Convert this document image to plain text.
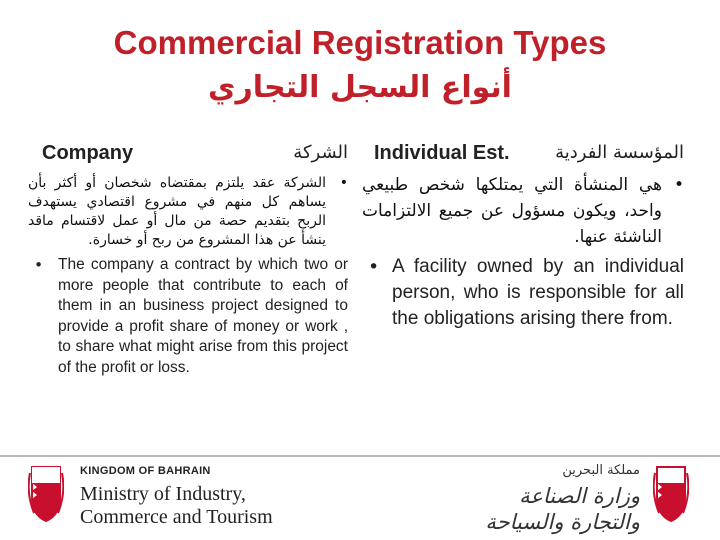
Commercial Registration Types
أنواع السجل التجاري
Company	الشركة
•
الشركة عقد يلتزم بمقتضاه شخصان أو أكثر بأن يساهم كل منهم في مشروع اقتصادي يستهدف الربح بتقديم حصة من مال أو عمل لاقتسام ماقد ينشأ عن هذا المشروع من ربح أو خسارة.
• The company a contract by which two or more people that contribute to each of them in an business project designed to provide a profit share of money or work , to share what might arise from this project of the profit or loss.
Individual Est.	المؤسسة الفردية
•
هي المنشأة التي يمتلكها شخص طبيعي واحد، ويكون مسؤول عن جميع الالتزامات الناشئة عنها.
• A facility owned by an individual person, who is responsible for all the obligations arising there from.
KINGDOM OF BAHRAIN
Ministry of Industry,
Commerce and Tourism
مملكة البحرين
وزارة الصناعة
والتجارة والسياحة
